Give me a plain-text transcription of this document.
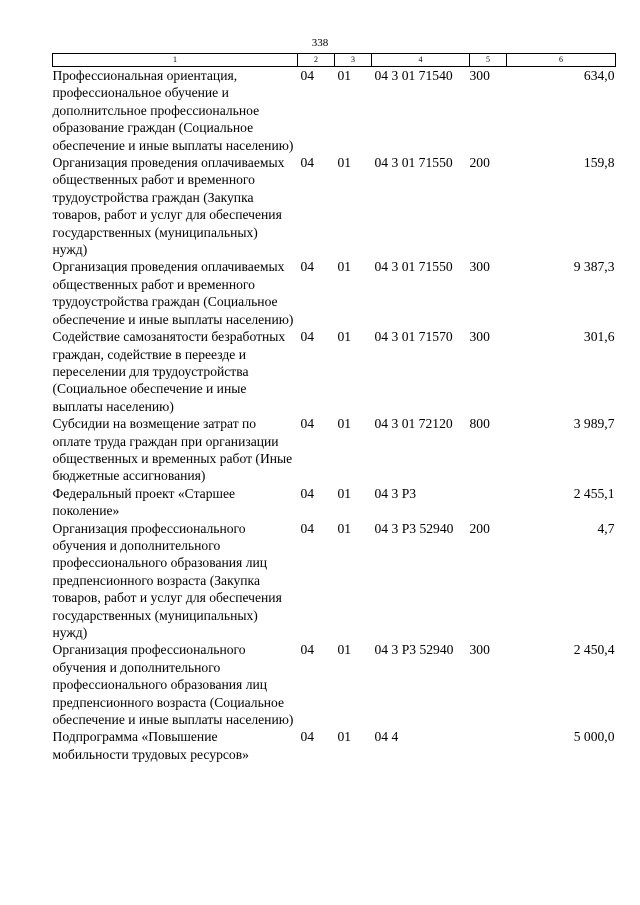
338
1	2	3	4	5	6
Профессиональная ориентация, профессиональное обучение и дополнитсльное профессиональное образование граждан (Социальное обеспечение и иные выплаты населению)	04	01	04 3 01 71540	300	634,0
Организация проведения оплачиваемых общественных работ и временного трудоустройства граждан (Закупка товаров, работ и услуг для обеспечения государственных (муниципальных) нужд)	04	01	04 3 01 71550	200	159,8
Организация проведения оплачиваемых общественных работ и временного трудоустройства граждан (Социальное обеспечение и иные выплаты населению)	04	01	04 3 01 71550	300	9 387,3
Содействие самозанятости безработных граждан, содействие в переезде и переселении для трудоустройства (Социальное обеспечение и иные выплаты населению)	04	01	04 3 01 71570	300	301,6
Субсидии на возмещение затрат по оплате труда граждан при организации общественных и временных работ (Иные бюджетные ассигнования)	04	01	04 3 01 72120	800	3 989,7
Федеральный проект «Старшее поколение»	04	01	04 3 P3		2 455,1
Организация профессионального обучения и дополнительного профессионального образования лиц предпенсионного возраста (Закупка товаров, работ и услуг для обеспечения государственных (муниципальных) нужд)	04	01	04 3 P3 52940	200	4,7
Организация профессионального обучения и дополнительного профессионального образования лиц предпенсионного возраста (Социальное обеспечение и иные выплаты населению)	04	01	04 3 P3 52940	300	2 450,4
Подпрограмма «Повышение мобильности трудовых ресурсов»	04	01	04 4		5 000,0
